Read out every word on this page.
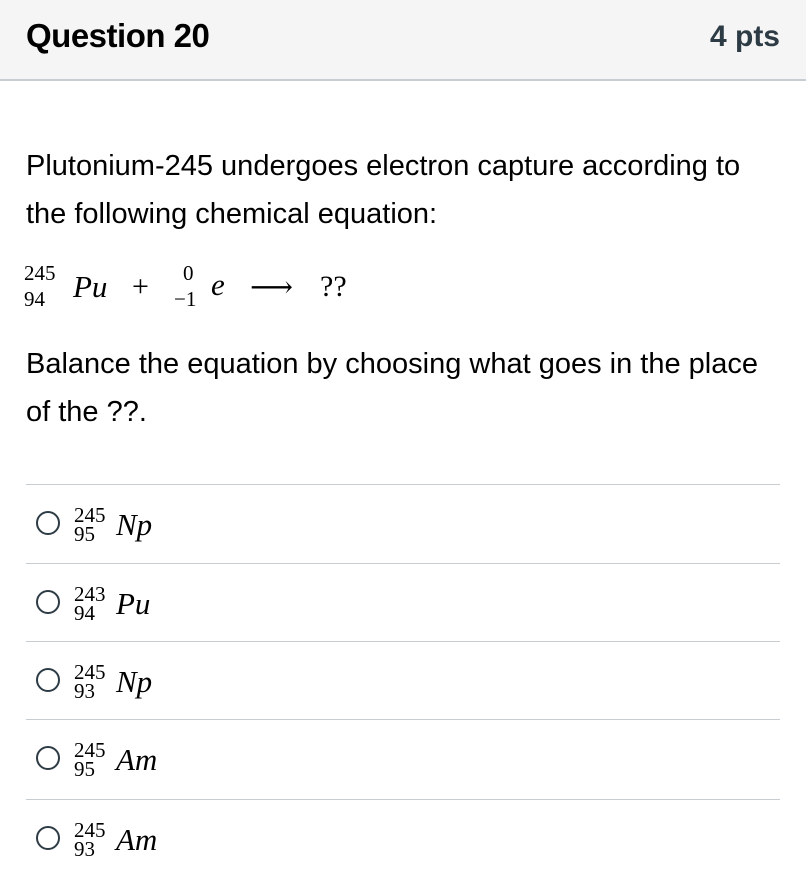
Question 20	4 pts
Plutonium-245 undergoes electron capture according to the following chemical equation:
245
94 Pu + 0
−1 e ⟶ ??
Balance the equation by choosing what goes in the place of the ??.
245
95 Np
243
94 Pu
245
93 Np
245
95 Am
245
93 Am
